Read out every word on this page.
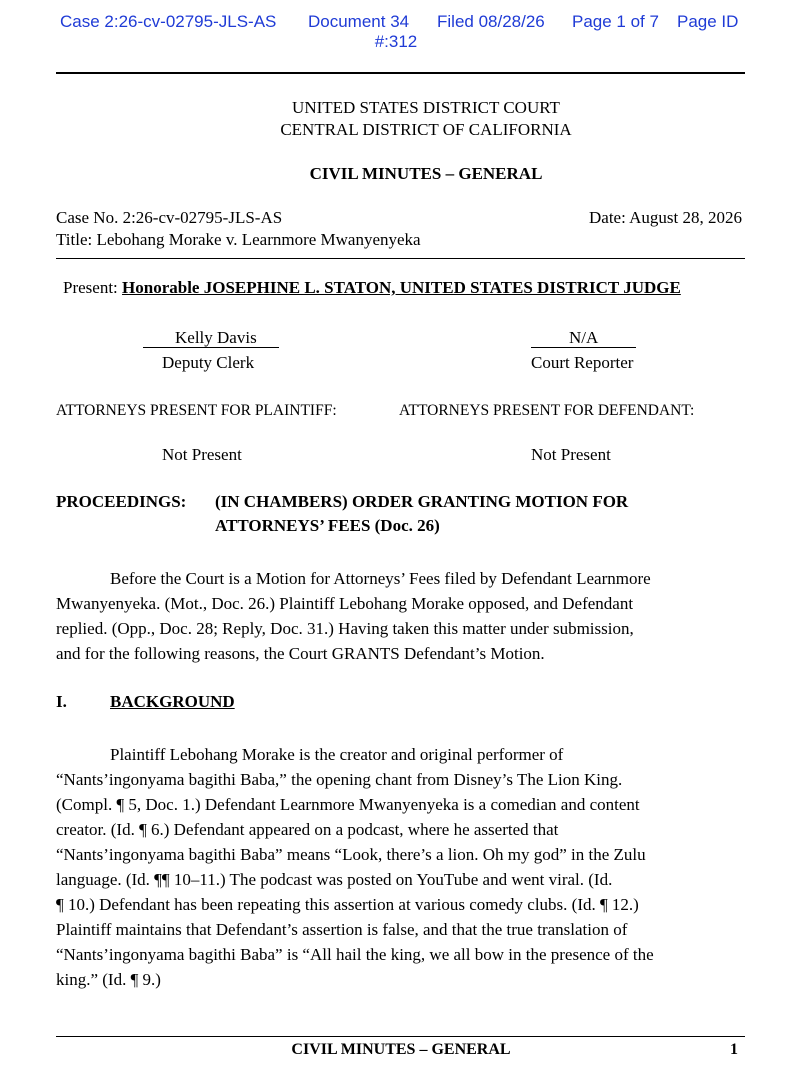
Case 2:26-cv-02795-JLS-AS Document 34 Filed 08/28/26 Page 1 of 7 Page ID
#:312
UNITED STATES DISTRICT COURT
CENTRAL DISTRICT OF CALIFORNIA
CIVIL MINUTES – GENERAL
Case No. 2:26-cv-02795-JLS-AS	Date: August 28, 2026
Title: Lebohang Morake v. Learnmore Mwanyenyeka
Present: Honorable JOSEPHINE L. STATON, UNITED STATES DISTRICT JUDGE
Kelly Davis
Deputy Clerk
N/A
Court Reporter
ATTORNEYS PRESENT FOR PLAINTIFF:	ATTORNEYS PRESENT FOR DEFENDANT:
Not Present	Not Present
PROCEEDINGS: (IN CHAMBERS) ORDER GRANTING MOTION FOR
ATTORNEYS’ FEES (Doc. 26)

Before the Court is a Motion for Attorneys’ Fees filed by Defendant Learnmore

Mwanyenyeka. (Mot., Doc. 26.) Plaintiff Lebohang Morake opposed, and Defendant

replied. (Opp., Doc. 28; Reply, Doc. 31.) Having taken this matter under submission,

and for the following reasons, the Court GRANTS Defendant’s Motion.

I.	BACKGROUND

Plaintiff Lebohang Morake is the creator and original performer of

“Nants’ingonyama bagithi Baba,” the opening chant from Disney’s The Lion King.

(Compl. ¶ 5, Doc. 1.) Defendant Learnmore Mwanyenyeka is a comedian and content

creator. (Id. ¶ 6.) Defendant appeared on a podcast, where he asserted that

“Nants’ingonyama bagithi Baba” means “Look, there’s a lion. Oh my god” in the Zulu

language. (Id. ¶¶ 10–11.) The podcast was posted on YouTube and went viral. (Id.

¶ 10.) Defendant has been repeating this assertion at various comedy clubs. (Id. ¶ 12.)

Plaintiff maintains that Defendant’s assertion is false, and that the true translation of

“Nants’ingonyama bagithi Baba” is “All hail the king, we all bow in the presence of the

king.” (Id. ¶ 9.)

CIVIL MINUTES – GENERAL	1
